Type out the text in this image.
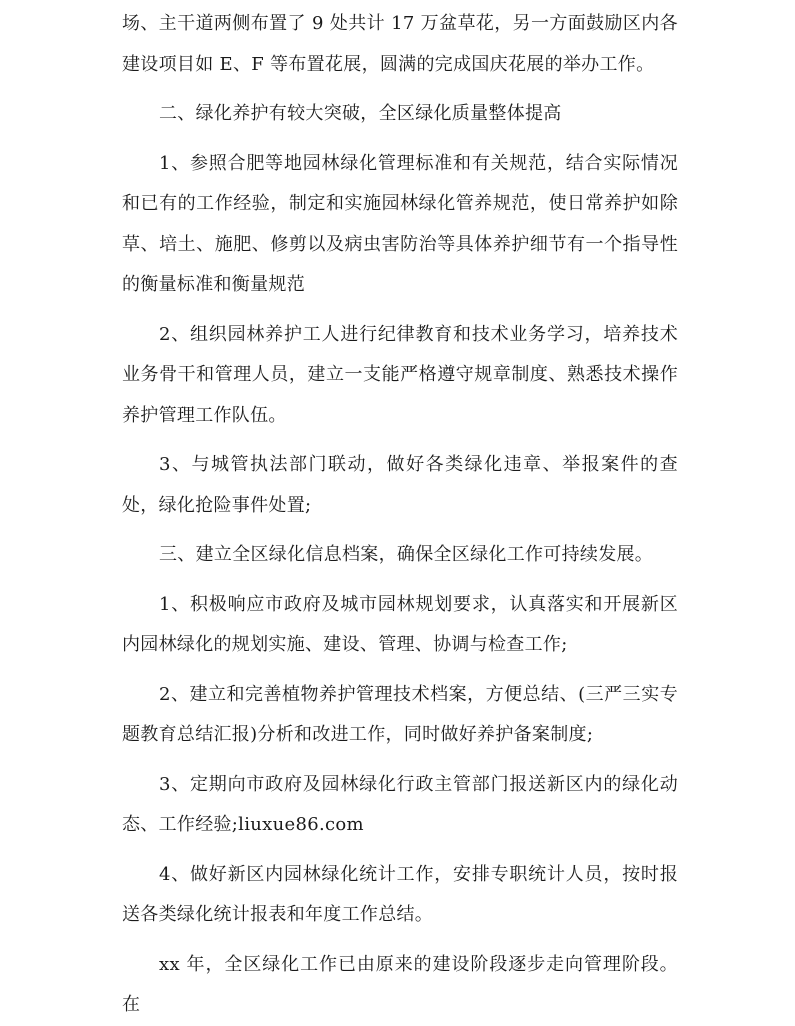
场、主干道两侧布置了 9 处共计 17 万盆草花，另一方面鼓励区内各建设项目如 E、F 等布置花展，圆满的完成国庆花展的举办工作。

二、绿化养护有较大突破，全区绿化质量整体提高

1、参照合肥等地园林绿化管理标准和有关规范，结合实际情况和已有的工作经验，制定和实施园林绿化管养规范，使日常养护如除草、培土、施肥、修剪以及病虫害防治等具体养护细节有一个指导性的衡量标准和衡量规范

2、组织园林养护工人进行纪律教育和技术业务学习，培养技术业务骨干和管理人员，建立一支能严格遵守规章制度、熟悉技术操作养护管理工作队伍。

3、与城管执法部门联动，做好各类绿化违章、举报案件的查处，绿化抢险事件处置;

三、建立全区绿化信息档案，确保全区绿化工作可持续发展。

1、积极响应市政府及城市园林规划要求，认真落实和开展新区内园林绿化的规划实施、建设、管理、协调与检查工作;

2、建立和完善植物养护管理技术档案，方便总结、(三严三实专题教育总结汇报)分析和改进工作，同时做好养护备案制度;

3、定期向市政府及园林绿化行政主管部门报送新区内的绿化动态、工作经验;liuxue86.com

4、做好新区内园林绿化统计工作，安排专职统计人员，按时报送各类绿化统计报表和年度工作总结。

xx 年，全区绿化工作已由原来的建设阶段逐步走向管理阶段。在
